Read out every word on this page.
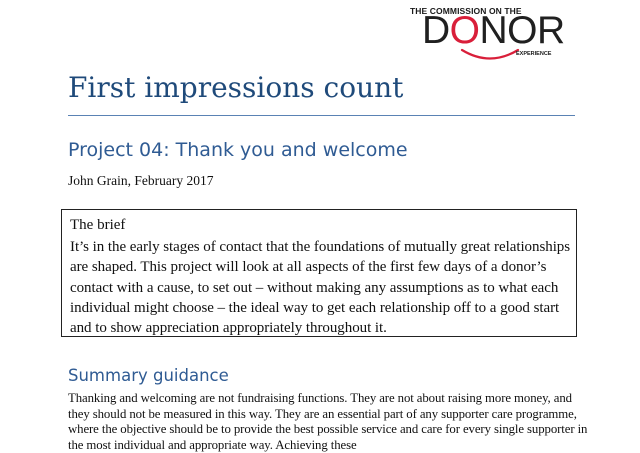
THE COMMISSION ON THE
DONOR
EXPERIENCE
First impressions count
Project 04: Thank you and welcome
John Grain, February 2017

The brief

It’s in the early stages of contact that the foundations of mutually great relationships are shaped. This project will look at all aspects of the first few days of a donor’s contact with a cause, to set out – without making any assumptions as to what each individual might choose – the ideal way to get each relationship off to a good start and to show appreciation appropriately throughout it.

Summary guidance

Thanking and welcoming are not fundraising functions. They are not about raising more money, and they should not be measured in this way. They are an essential part of any supporter care programme, where the objective should be to provide the best possible service and care for every single supporter in the most individual and appropriate way. Achieving these
